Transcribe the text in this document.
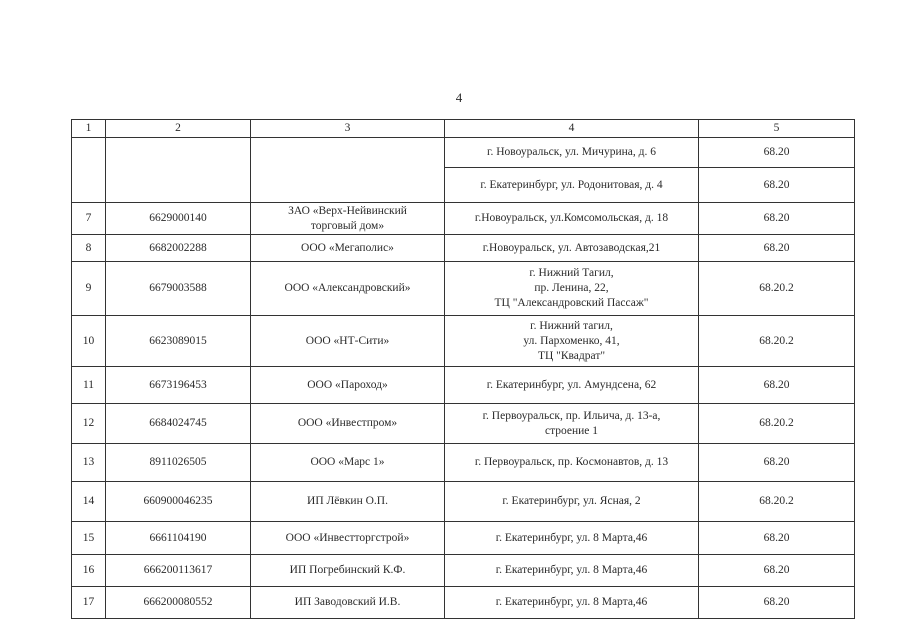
4
1	2	3	4	5
			г. Новоуральск, ул. Мичурина, д. 6	68.20
			г. Екатеринбург, ул. Родонитовая, д. 4	68.20
7	6629000140	ЗАО «Верх-Нейвинский
торговый дом»	г.Новоуральск, ул.Комсомольская, д. 18	68.20
8	6682002288	ООО «Мегаполис»	г.Новоуральск, ул. Автозаводская,21	68.20
9	6679003588	ООО «Александровский»	г. Нижний Тагил,
пр. Ленина, 22,
ТЦ "Александровский Пассаж"	68.20.2
10	6623089015	ООО «НТ-Сити»	г. Нижний тагил,
ул. Пархоменко, 41,
ТЦ "Квадрат"	68.20.2
11	6673196453	ООО «Пароход»	г. Екатеринбург, ул. Амундсена, 62	68.20
12	6684024745	ООО «Инвестпром»	г. Первоуральск, пр. Ильича, д. 13-а,
строение 1	68.20.2
13	8911026505	ООО «Марс 1»	г. Первоуральск, пр. Космонавтов, д. 13	68.20
14	660900046235	ИП Лёвкин О.П.	г. Екатеринбург, ул. Ясная, 2	68.20.2
15	6661104190	ООО «Инвестторгстрой»	г. Екатеринбург, ул. 8 Марта,46	68.20
16	666200113617	ИП Погребинский К.Ф.	г. Екатеринбург, ул. 8 Марта,46	68.20
17	666200080552	ИП Заводовский И.В.	г. Екатеринбург, ул. 8 Марта,46	68.20
